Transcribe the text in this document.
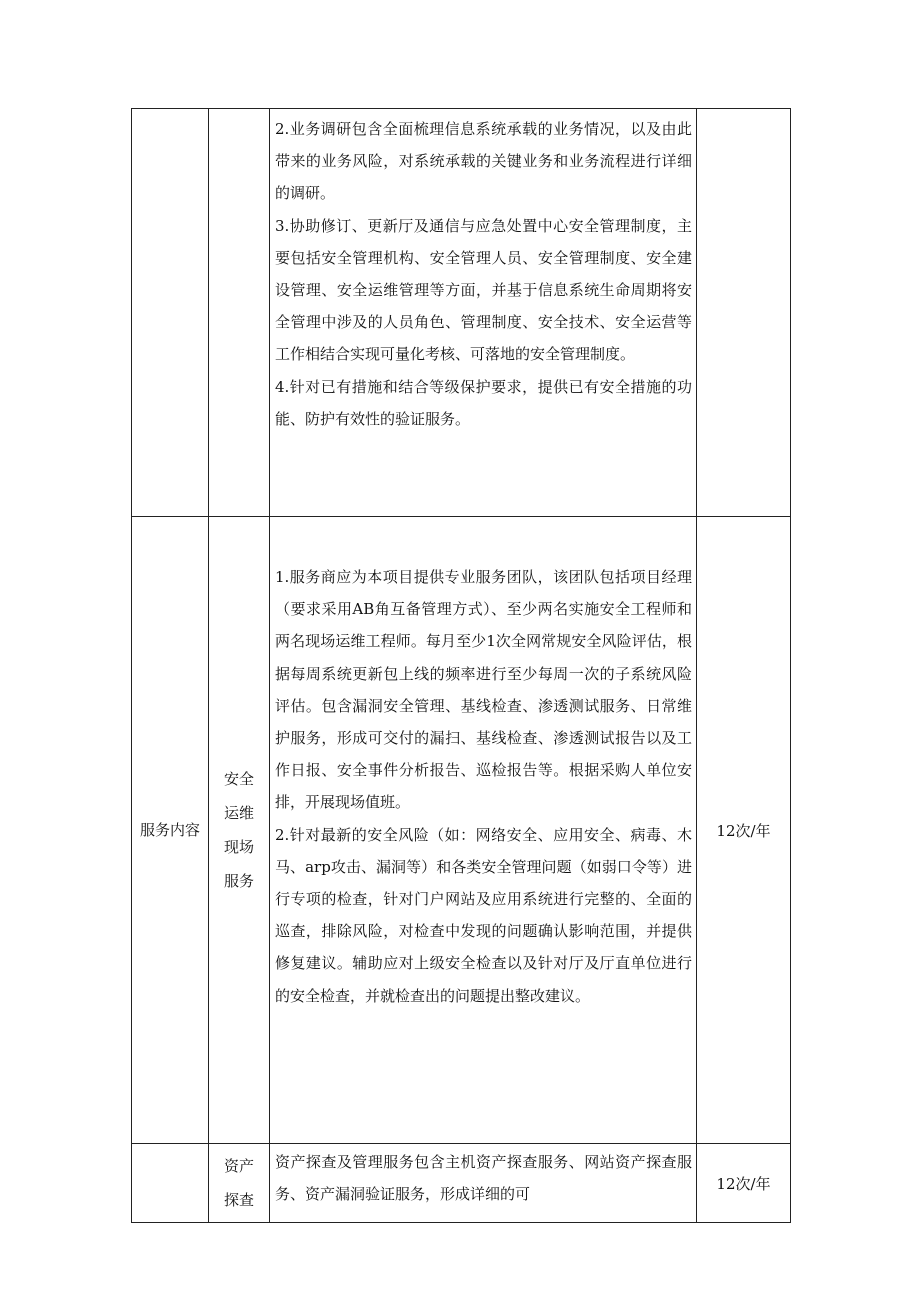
		2.业务调研包含全面梳理信息系统承载的业务情况，以及由此带来的业务风险，对系统承载的关键业务和业务流程进行详细的调研。

3.协助修订、更新厅及通信与应急处置中心安全管理制度，主要包括安全管理机构、安全管理人员、安全管理制度、安全建设管理、安全运维管理等方面，并基于信息系统生命周期将安全管理中涉及的人员角色、管理制度、安全技术、安全运营等工作相结合实现可量化考核、可落地的安全管理制度。

4.针对已有措施和结合等级保护要求，提供已有安全措施的功能、防护有效性的验证服务。	

服务内容	安全运维现场服务	1.服务商应为本项目提供专业服务团队，该团队包括项目经理（要求采用AB角互备管理方式）、至少两名实施安全工程师和两名现场运维工程师。每月至少1次全网常规安全风险评估，根据每周系统更新包上线的频率进行至少每周一次的子系统风险评估。包含漏洞安全管理、基线检查、渗透测试服务、日常维护服务，形成可交付的漏扫、基线检查、渗透测试报告以及工作日报、安全事件分析报告、巡检报告等。根据采购人单位安排，开展现场值班。

2.针对最新的安全风险（如：网络安全、应用安全、病毒、木马、arp攻击、漏洞等）和各类安全管理问题（如弱口令等）进行专项的检查，针对门户网站及应用系统进行完整的、全面的巡查，排除风险，对检查中发现的问题确认影响范围，并提供修复建议。辅助应对上级安全检查以及针对厅及厅直单位进行的安全检查，并就检查出的问题提出整改建议。	12次/年
	资产探查	资产探查及管理服务包含主机资产探查服务、网站资产探查服务、资产漏洞验证服务，形成详细的可	12次/年
